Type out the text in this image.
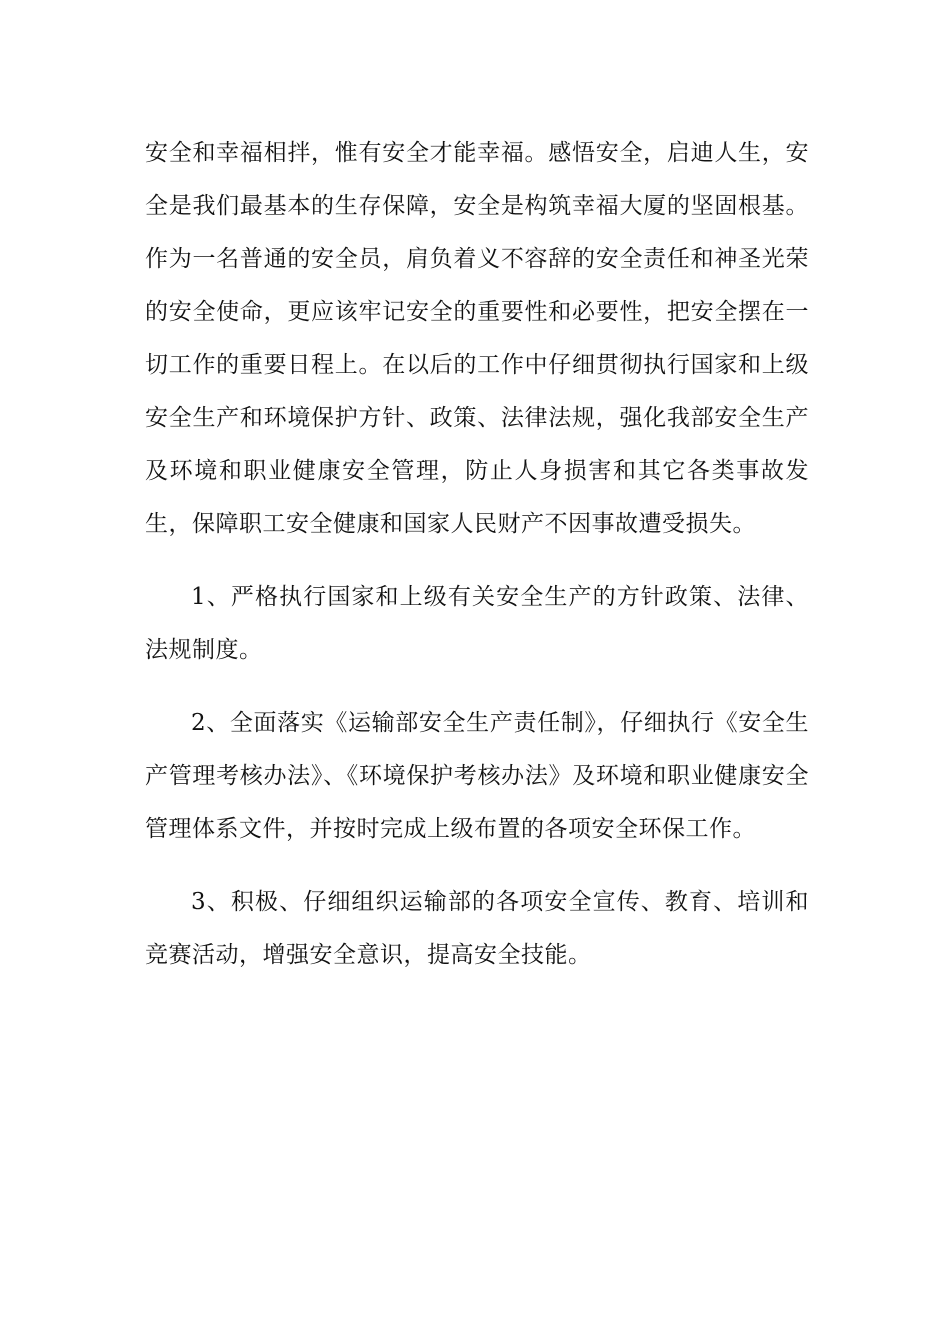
安全和幸福相拌，惟有安全才能幸福。感悟安全，启迪人生，安全是我们最基本的生存保障，安全是构筑幸福大厦的坚固根基。 作为一名普通的安全员，肩负着义不容辞的安全责任和神圣光荣的安全使命，更应该牢记安全的重要性和必要性，把安全摆在一切工作的重要日程上。在以后的工作中仔细贯彻执行国家和上级安全生产和环境保护方针、政策、法律法规，强化我部安全生产及环境和职业健康安全管理，防止人身损害和其它各类事故发生，保障职工安全健康和国家人民财产不因事故遭受损失。

1、严格执行国家和上级有关安全生产的方针政策、法律、法规制度。

2、全面落实《运输部安全生产责任制》，仔细执行《安全生产管理考核办法》、《环境保护考核办法》及环境和职业健康安全管理体系文件，并按时完成上级布置的各项安全环保工作。

3、积极、仔细组织运输部的各项安全宣传、教育、培训和竞赛活动，增强安全意识，提高安全技能。
